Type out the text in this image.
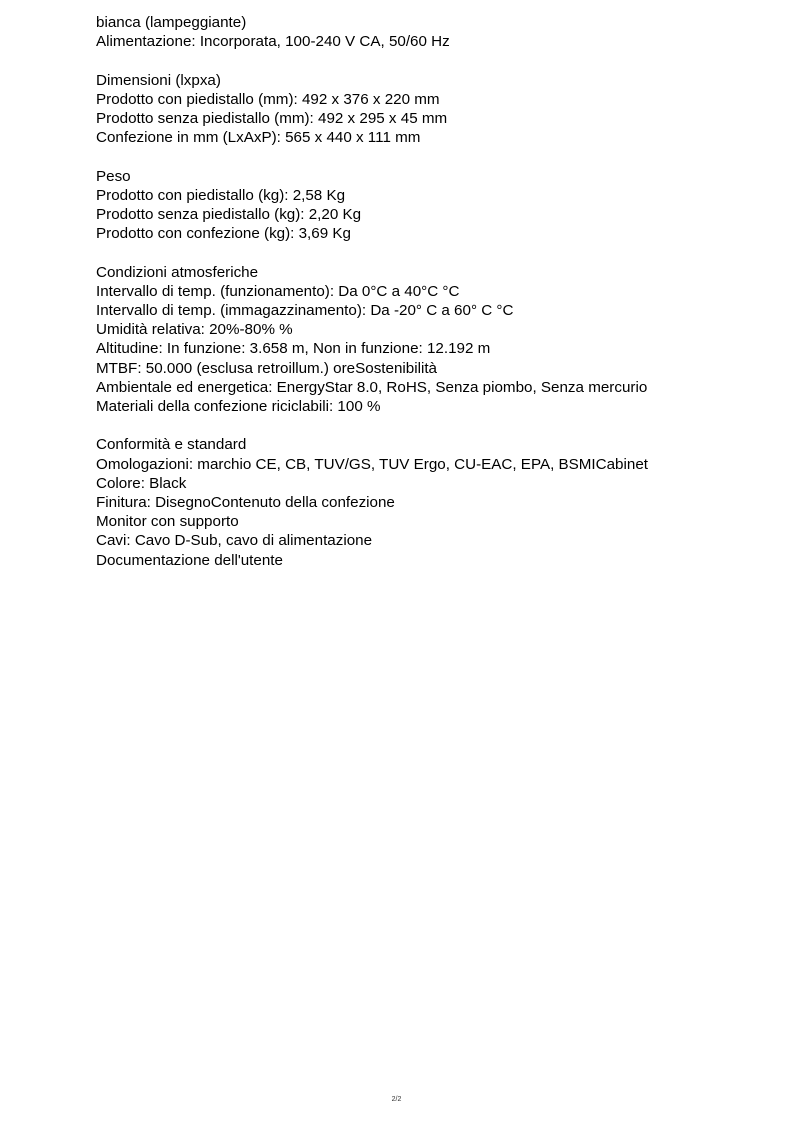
bianca (lampeggiante)
Alimentazione: Incorporata, 100-240 V CA, 50/60 Hz
Dimensioni (lxpxa)
Prodotto con piedistallo (mm): 492 x 376 x 220 mm
Prodotto senza piedistallo (mm): 492 x 295 x 45 mm
Confezione in mm (LxAxP): 565 x 440 x 111 mm
Peso
Prodotto con piedistallo (kg): 2,58 Kg
Prodotto senza piedistallo (kg): 2,20 Kg
Prodotto con confezione (kg): 3,69 Kg
Condizioni atmosferiche
Intervallo di temp. (funzionamento): Da 0°C a 40°C °C
Intervallo di temp. (immagazzinamento): Da -20° C a 60° C °C
Umidità relativa: 20%-80% %
Altitudine: In funzione: 3.658 m, Non in funzione: 12.192 m
MTBF: 50.000 (esclusa retroillum.) oreSostenibilità
Ambientale ed energetica: EnergyStar 8.0, RoHS, Senza piombo, Senza mercurio
Materiali della confezione riciclabili: 100 %
Conformità e standard
Omologazioni: marchio CE, CB, TUV/GS, TUV Ergo, CU-EAC, EPA, BSMICabinet
Colore: Black
Finitura: DisegnoContenuto della confezione
Monitor con supporto
Cavi: Cavo D-Sub, cavo di alimentazione
Documentazione dell'utente
2/2
